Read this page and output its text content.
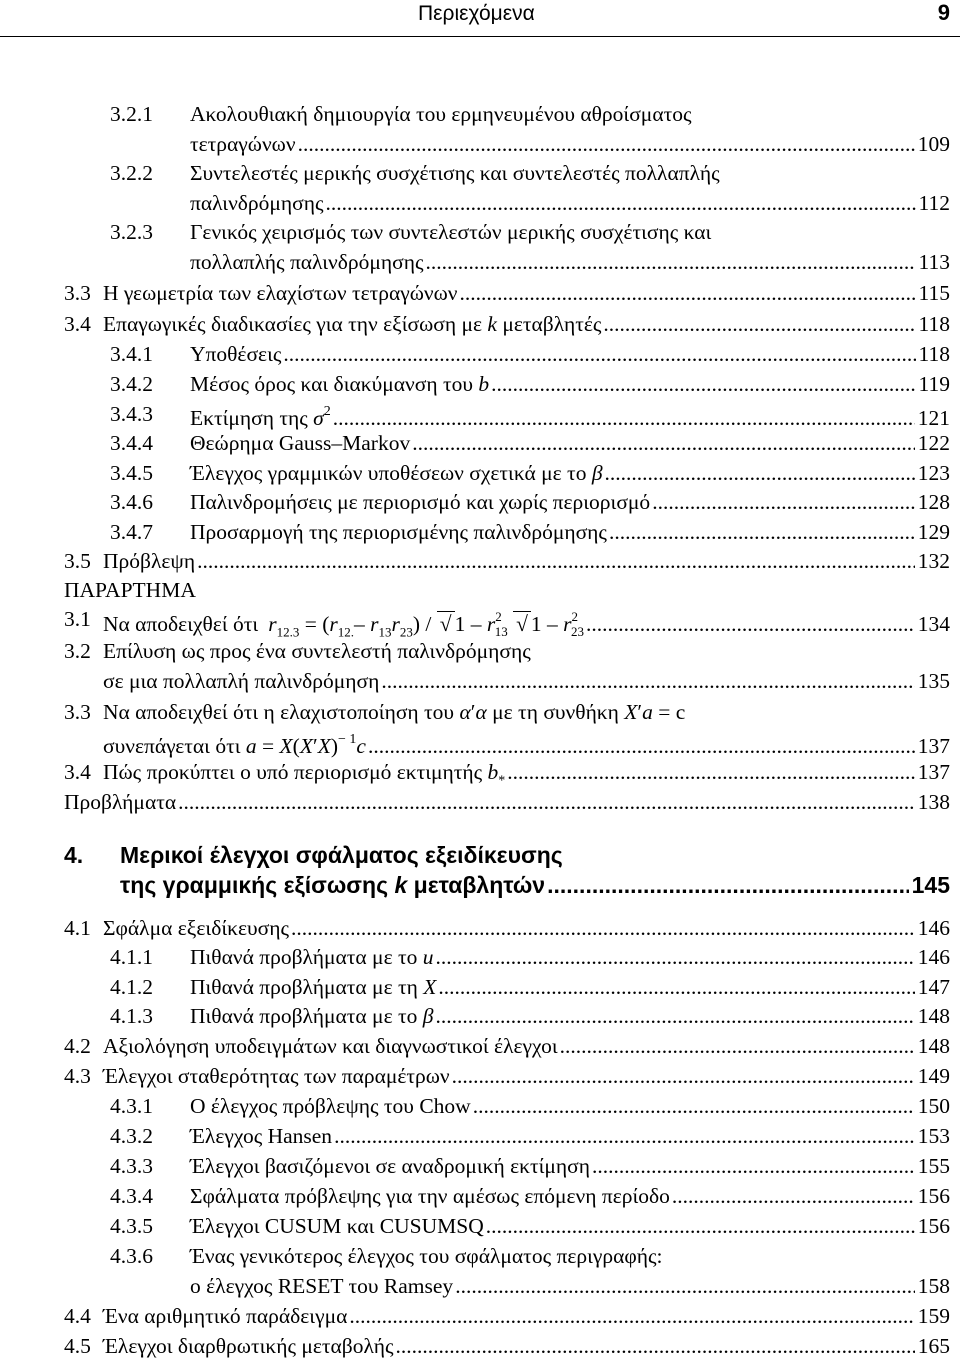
Περιεχόμενα	9
3.2.1 Ακολουθιακή δημιουργία του ερμηνευμένου αθροίσματος
τετραγώνων .....	109
3.2.2 Συντελεστές μερικής συσχέτισης και συντελεστές πολλαπλής
παλινδρόμησης .....	112
3.2.3 Γενικός χειρισμός των συντελεστών μερικής συσχέτισης και
πολλαπλής παλινδρόμησης .....	113
3.3 Η γεωμετρία των ελαχίστων τετραγώνων .....	115
3.4 Επαγωγικές διαδικασίες για την εξίσωση με k μεταβλητές .....	118
3.4.1 Υποθέσεις .....	118
3.4.2 Μέσος όρος και διακύμανση του b .....	119
3.4.3 Εκτίμηση της $\sigma^2$ .....	121
3.4.4 Θεώρημα Gauss–Markov .....	122
3.4.5 Έλεγχος γραμμικών υποθέσεων σχετικά με το β .....	123
3.4.6 Παλινδρομήσεις με περιορισμό και χωρίς περιορισμό .....	128
3.4.7 Προσαρμογή της περιορισμένης παλινδρόμησης .....	129
3.5 Πρόβλεψη .....	132
ΠΑΡΑΡΤΗΜΑ
3.1 Να αποδειχθεί ότι $r_{12.3} = (r_{12.}-$ $r_{13}r_{23}$) / √ $1 - r^2_{13}$ √ $1 - r^2_{23}$ .....	134
3.2 Επίλυση ως προς ένα συντελεστή παλινδρόμησης
σε μια πολλαπλή παλινδρόμηση .....	135
3.3 Να αποδειχθεί ότι η ελαχιστοποίηση του α′α με τη συνθήκη X′a = c
συνεπάγεται ότι $a = X(X'X)^{- 1}c$ .....	137
3.4 Πώς προκύπτει ο υπό περιορισμό εκτιμητής $b_*$ .....	137
Προβλήματα .....	138
4. Μερικοί έλεγχοι σφάλματος εξειδίκευσης
της γραμμικής εξίσωσης k μεταβλητών .....	145
4.1 Σφάλμα εξειδίκευσης .....	146
4.1.1 Πιθανά προβλήματα με το u .....	146
4.1.2 Πιθανά προβλήματα με τη X .....	147
4.1.3 Πιθανά προβλήματα με το β .....	148
4.2 Αξιολόγηση υποδειγμάτων και διαγνωστικοί έλεγχοι .....	148
4.3 Έλεγχοι σταθερότητας των παραμέτρων .....	149
4.3.1 Ο έλεγχος πρόβλεψης του Chow .....	150
4.3.2 Έλεγχος Hansen .....	153
4.3.3 Έλεγχοι βασιζόμενοι σε αναδρομική εκτίμηση .....	155
4.3.4 Σφάλματα πρόβλεψης για την αμέσως επόμενη περίοδο .....	156
4.3.5 Έλεγχοι CUSUM και CUSUMSQ .....	156
4.3.6 Ένας γενικότερος έλεγχος του σφάλματος περιγραφής:
ο έλεγχος RESET του Ramsey .....	158
4.4 Ένα αριθμητικό παράδειγμα .....	159
4.5 Έλεγχοι διαρθρωτικής μεταβολής .....	165
